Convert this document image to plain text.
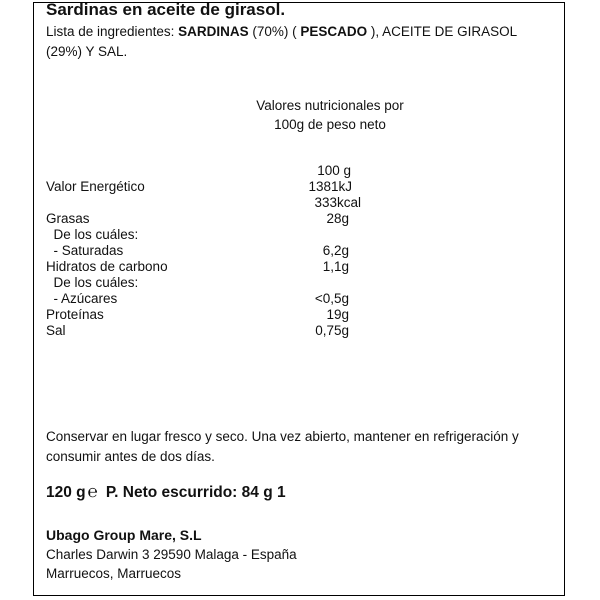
Sardinas en aceite de girasol.
Lista de ingredientes: SARDINAS (70%) ( PESCADO ), ACEITE DE GIRASOL (29%) Y SAL.
Valores nutricionales por
100g de peso neto
100 g
Valor Energético	1381kJ
333kcal
Grasas	28g
De los cuáles:
- Saturadas	6,2g
Hidratos de carbono	1,1g
De los cuáles:
- Azúcares	<0,5g
Proteínas	19g
Sal	0,75g
Conservar en lugar fresco y seco. Una vez abierto, mantener en refrigeración y consumir antes de dos días.
120 g ℮ P. Neto escurrido: 84 g 1
Ubago Group Mare, S.L
Charles Darwin 3 29590 Malaga - España
Marruecos, Marruecos
